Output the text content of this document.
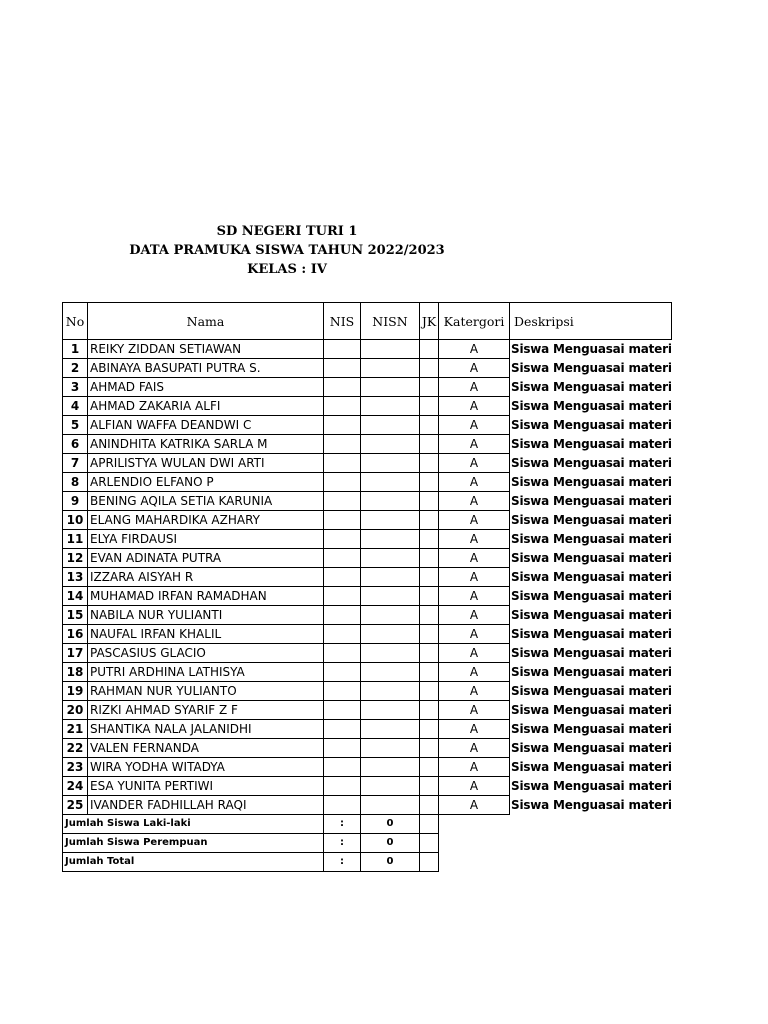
SD NEGERI TURI 1
DATA PRAMUKA SISWA TAHUN 2022/2023
KELAS : IV
No	Nama	NIS	NISN	JK	Katergori	Deskripsi
1	REIKY ZIDDAN SETIAWAN				A	Siswa Menguasai materi
2	ABINAYA BASUPATI PUTRA S.				A	Siswa Menguasai materi
3	AHMAD FAIS				A	Siswa Menguasai materi
4	AHMAD ZAKARIA ALFI				A	Siswa Menguasai materi
5	ALFIAN WAFFA DEANDWI C				A	Siswa Menguasai materi
6	ANINDHITA KATRIKA SARLA M				A	Siswa Menguasai materi
7	APRILISTYA WULAN DWI ARTI				A	Siswa Menguasai materi
8	ARLENDIO ELFANO P				A	Siswa Menguasai materi
9	BENING AQILA SETIA KARUNIA				A	Siswa Menguasai materi
10	ELANG MAHARDIKA AZHARY				A	Siswa Menguasai materi
11	ELYA FIRDAUSI				A	Siswa Menguasai materi
12	EVAN ADINATA PUTRA				A	Siswa Menguasai materi
13	IZZARA AISYAH R				A	Siswa Menguasai materi
14	MUHAMAD IRFAN RAMADHAN				A	Siswa Menguasai materi
15	NABILA NUR YULIANTI				A	Siswa Menguasai materi
16	NAUFAL IRFAN KHALIL				A	Siswa Menguasai materi
17	PASCASIUS GLACIO				A	Siswa Menguasai materi
18	PUTRI ARDHINA LATHISYA				A	Siswa Menguasai materi
19	RAHMAN NUR YULIANTO				A	Siswa Menguasai materi
20	RIZKI AHMAD SYARIF Z F				A	Siswa Menguasai materi
21	SHANTIKA NALA JALANIDHI				A	Siswa Menguasai materi
22	VALEN FERNANDA				A	Siswa Menguasai materi
23	WIRA YODHA WITADYA				A	Siswa Menguasai materi
24	ESA YUNITA PERTIWI				A	Siswa Menguasai materi
25	IVANDER FADHILLAH RAQI				A	Siswa Menguasai materi
Jumlah Siswa Laki-laki		:	0			
Jumlah Siswa Perempuan		:	0			
Jumlah Total		:	0			
